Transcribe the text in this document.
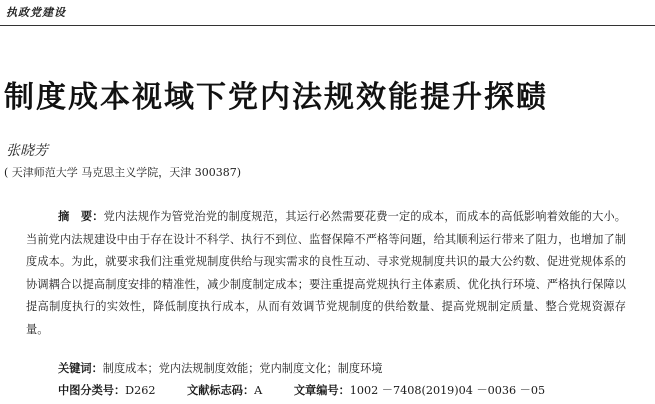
执政党建设
制度成本视域下党内法规效能提升探赜
张晓芳
( 天津师范大学 马克思主义学院，天津 300387)

摘　要：党内法规作为管党治党的制度规范，其运行必然需要花费一定的成本，而成本的高低影响着效能的大小。当前党内法规建设中由于存在设计不科学、执行不到位、监督保障不严格等问题，给其顺利运行带来了阻力，也增加了制度成本。为此，就要求我们注重党规制度供给与现实需求的良性互动、寻求党规制度共识的最大公约数、促进党规体系的协调耦合以提高制度安排的精准性，减少制度制定成本；要注重提高党规执行主体素质、优化执行环境、严格执行保障以提高制度执行的实效性，降低制度执行成本，从而有效调节党规制度的供给数量、提高党规制定质量、整合党规资源存量。

关键词：制度成本；党内法规制度效能；党内制度文化；制度环境
中图分类号：D262	文献标志码：A	文章编号：1002 －7408(2019)04 －0036 －05
